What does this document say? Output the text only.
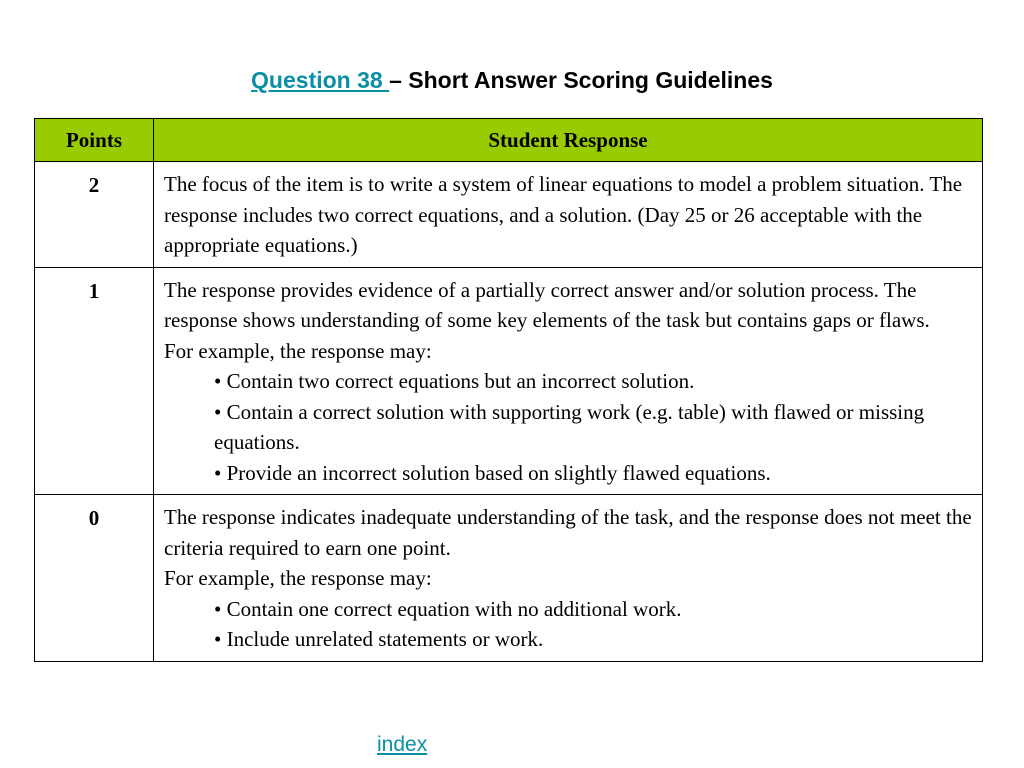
Question 38 – Short Answer Scoring Guidelines
Points	Student Response
2	The focus of the item is to write a system of linear equations to model a problem situation. The response includes two correct equations, and a solution. (Day 25 or 26 acceptable with the appropriate equations.)

1	The response provides evidence of a partially correct answer and/or solution process. The response shows understanding of some key elements of the task but contains gaps or flaws.
For example, the response may:
• Contain two correct equations but an incorrect solution.
• Contain a correct solution with supporting work (e.g. table) with flawed or missing equations.
• Provide an incorrect solution based on slightly flawed equations.

0	The response indicates inadequate understanding of the task, and the response does not meet the criteria required to earn one point.
For example, the response may:
• Contain one correct equation with no additional work.
• Include unrelated statements or work.
index
